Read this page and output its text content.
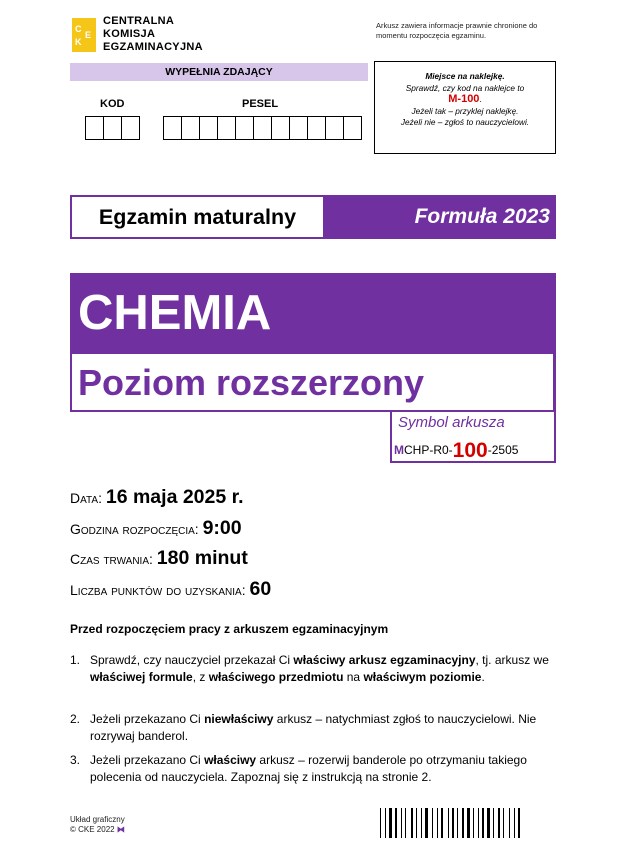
C
K
E
CENTRALNA
KOMISJA
EGZAMINACYJNA
Arkusz zawiera informacje prawnie chronione do momentu rozpoczęcia egzaminu.
WYPEŁNIA ZDAJĄCY
KOD	PESEL
Miejsce na naklejkę.
Sprawdź, czy kod na naklejce to
M-100.
Jeżeli tak – przyklej naklejkę.
Jeżeli nie – zgłoś to nauczycielowi.
Egzamin maturalny	Formuła 2023
CHEMIA
Poziom rozszerzony
Symbol arkusza
MCHP-R0-100-2505
Data: 16 maja 2025 r.
Godzina rozpoczęcia: 9:00
Czas trwania: 180 minut
Liczba punktów do uzyskania: 60
Przed rozpoczęciem pracy z arkuszem egzaminacyjnym
1. Sprawdź, czy nauczyciel przekazał Ci właściwy arkusz egzaminacyjny, tj. arkusz we właściwej formule, z właściwego przedmiotu na właściwym poziomie.
2. Jeżeli przekazano Ci niewłaściwy arkusz – natychmiast zgłoś to nauczycielowi. Nie rozrywaj banderol.
3. Jeżeli przekazano Ci właściwy arkusz – rozerwij banderole po otrzymaniu takiego polecenia od nauczyciela. Zapoznaj się z instrukcją na stronie 2.
Układ graficzny
© CKE 2022 ⧓
